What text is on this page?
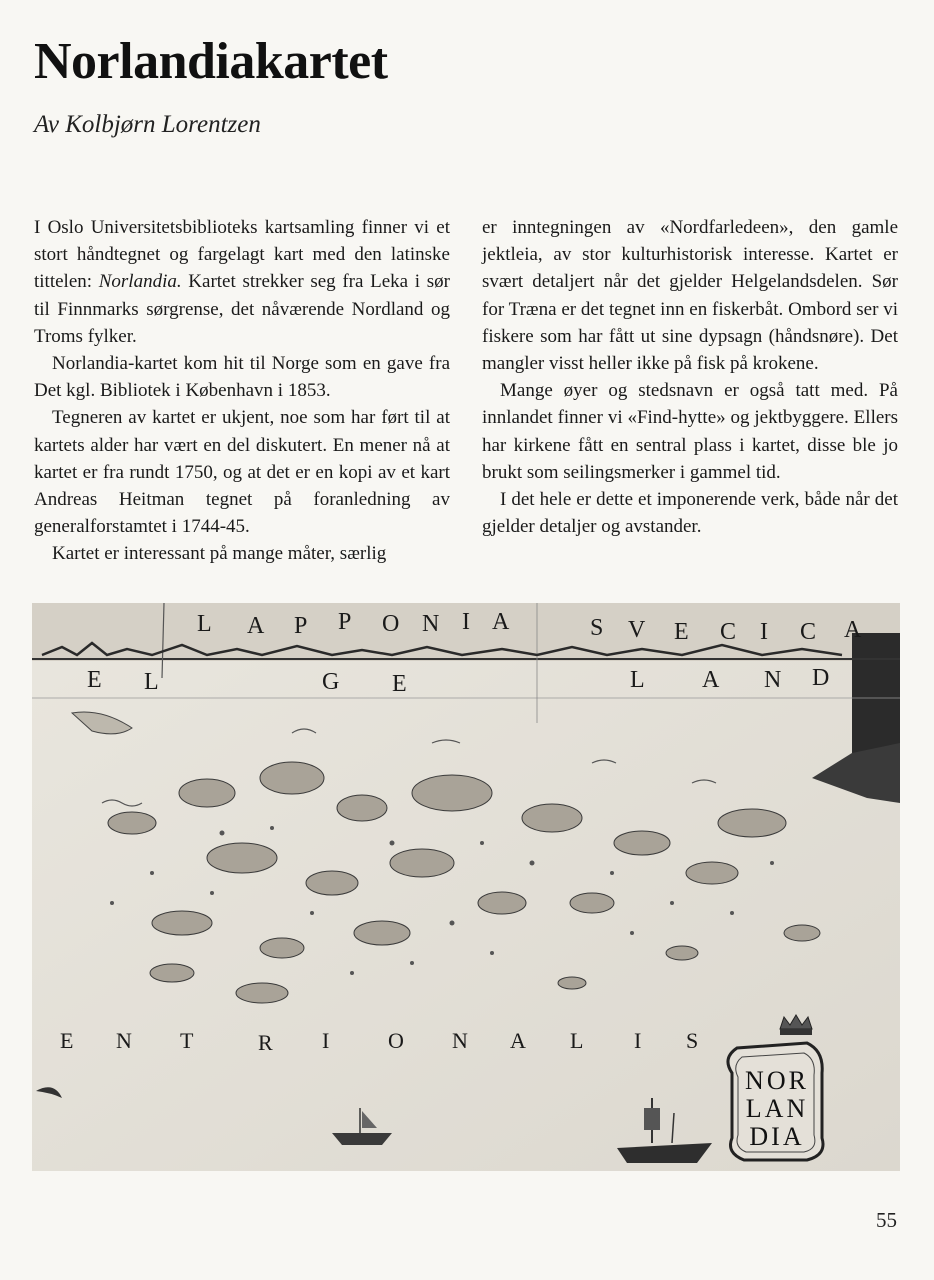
Norlandiakartet
Av Kolbjørn Lorentzen

I Oslo Universitetsbiblioteks kartsamling finner vi et stort håndtegnet og fargelagt kart med den latinske tittelen: Norlandia. Kartet strekker seg fra Leka i sør til Finnmarks sørgrense, det nåværende Nordland og Troms fylker.

Norlandia-kartet kom hit til Norge som en gave fra Det kgl. Bibliotek i København i 1853.

Tegneren av kartet er ukjent, noe som har ført til at kartets alder har vært en del diskutert. En mener nå at kartet er fra rundt 1750, og at det er en kopi av et kart Andreas Heitman tegnet på foranledning av generalforstamtet i 1744-45.

Kartet er interessant på mange måter, særlig

er inntegningen av «Nordfarledeen», den gamle jektleia, av stor kulturhistorisk interesse. Kartet er svært detaljert når det gjelder Helgelandsdelen. Sør for Træna er det tegnet inn en fiskerbåt. Ombord ser vi fiskere som har fått ut sine dypsagn (håndsnøre). Det mangler visst heller ikke på fisk på krokene.

Mange øyer og stedsnavn er også tatt med. På innlandet finner vi «Find-hytte» og jektbyggere. Ellers har kirkene fått en sentral plass i kartet, disse ble jo brukt som seilingsmerker i gammel tid.

I det hele er dette et imponerende verk, både når det gjelder detaljer og avstander.

L A P P O N I A	S V E C I C A
E L	G E	L A N D
E N T	R I	O N A L I S
NOR
LAN
DIA
55
